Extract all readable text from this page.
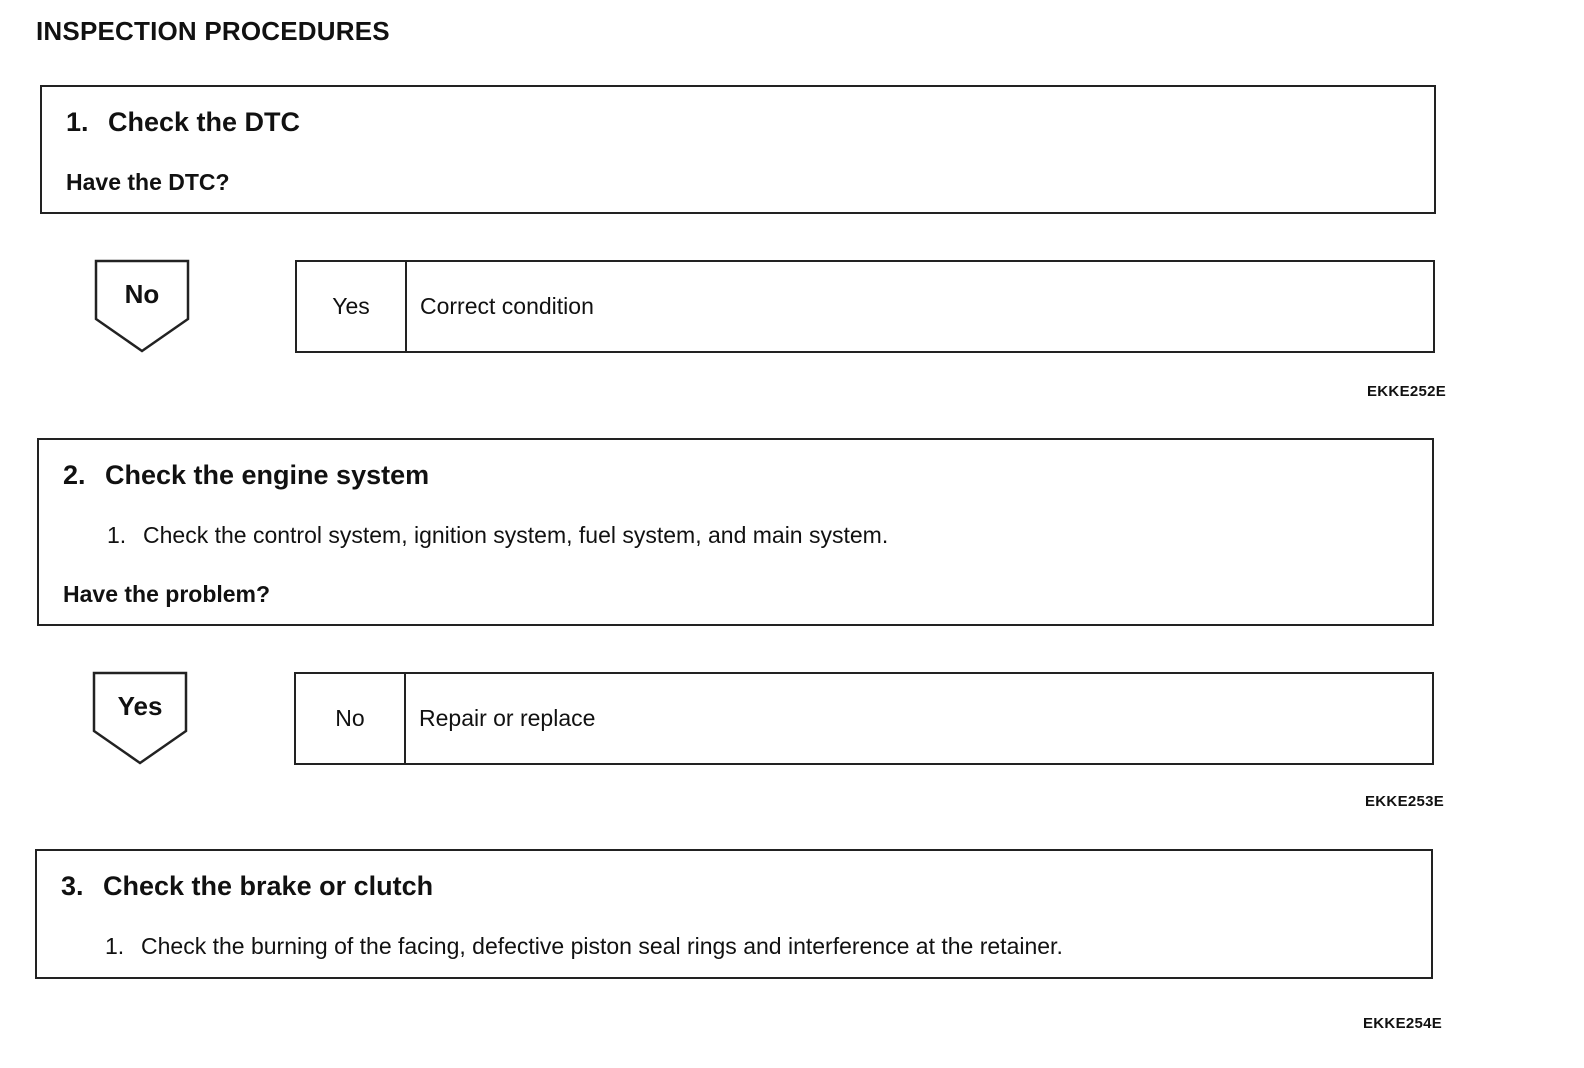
INSPECTION PROCEDURES
1. Check the DTC
Have the DTC?
No	Yes	Correct condition
EKKE252E
2. Check the engine system
1. Check the control system, ignition system, fuel system, and main system.
Have the problem?
Yes	No	Repair or replace
EKKE253E
3. Check the brake or clutch
1. Check the burning of the facing, defective piston seal rings and interference at the retainer.
EKKE254E
